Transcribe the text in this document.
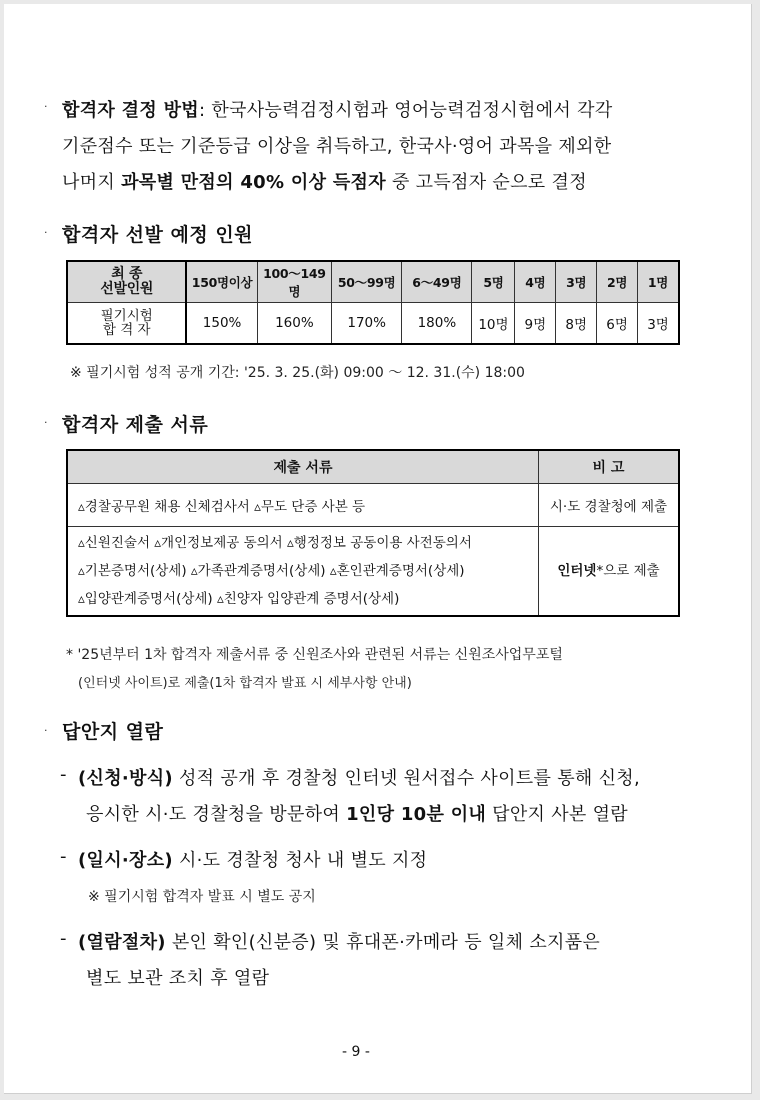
· 합격자 결정 방법: 한국사능력검정시험과 영어능력검정시험에서 각각
기준점수 또는 기준등급 이상을 취득하고, 한국사·영어 과목을 제외한
나머지 과목별 만점의 40% 이상 득점자 중 고득점자 순으로 결정
· 합격자 선발 예정 인원
최 종
선발인원	150명이상	100～149명	50～99명	6～49명	5명	4명	3명	2명	1명
필기시험
합 격 자	150%	160%	170%	180%	10명	9명	8명	6명	3명
※ 필기시험 성적 공개 기간: '25. 3. 25.(화) 09:00 ～ 12. 31.(수) 18:00
· 합격자 제출 서류
제출 서류	비 고
▵경찰공무원 채용 신체검사서 ▵무도 단증 사본 등	시·도 경찰청에 제출

▵신원진술서 ▵개인정보제공 동의서 ▵행정정보 공동이용 사전동의서
▵기본증명서(상세) ▵가족관계증명서(상세) ▵혼인관계증명서(상세)
▵입양관계증명서(상세) ▵친양자 입양관계 증명서(상세)	인터넷*으로 제출
* '25년부터 1차 합격자 제출서류 중 신원조사와 관련된 서류는 신원조사업무포털
(인터넷 사이트)로 제출(1차 합격자 발표 시 세부사항 안내)
· 답안지 열람
- (신청·방식) 성적 공개 후 경찰청 인터넷 원서접수 사이트를 통해 신청,
응시한 시·도 경찰청을 방문하여 1인당 10분 이내 답안지 사본 열람
- (일시·장소) 시·도 경찰청 청사 내 별도 지정
※ 필기시험 합격자 발표 시 별도 공지
- (열람절차) 본인 확인(신분증) 및 휴대폰·카메라 등 일체 소지품은
별도 보관 조치 후 열람
- 9 -
